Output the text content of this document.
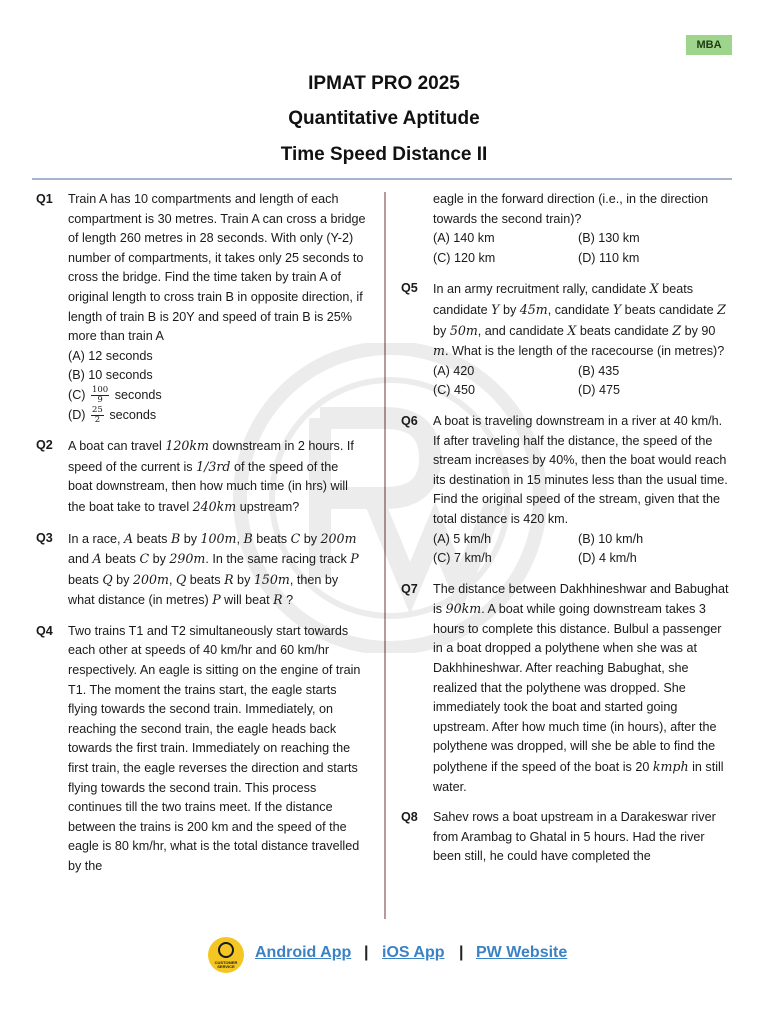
MBA
IPMAT PRO 2025
Quantitative Aptitude
Time Speed Distance II
Q1 Train A has 10 compartments and length of each compartment is 30 metres. Train A can cross a bridge of length 260 metres in 28 seconds. With only (Y-2) number of compartments, it takes only 25 seconds to cross the bridge. Find the time taken by train A of original length to cross train B in opposite direction, if length of train B is 20Y and speed of train B is 25% more than train A
(A) 12 seconds
(B) 10 seconds
$(C) \frac{100}{9}$ seconds
$(D) \frac{25}{2}$ seconds
Q2 A boat can travel 120km downstream in 2 hours. If speed of the current is 1/3rd of the speed of the boat downstream, then how much time (in hrs) will the boat take to travel 240km upstream?
Q3 In a race, A beats B by 100m, B beats C by 200m and A beats C by 290m. In the same racing track P beats Q by 200m, Q beats R by 150m, then by what distance (in metres) P will beat R ?
Q4 Two trains T1 and T2 simultaneously start towards each other at speeds of 40 km/hr and 60 km/hr respectively. An eagle is sitting on the engine of train T1. The moment the trains start, the eagle starts flying towards the second train. Immediately, on reaching the second train, the eagle heads back towards the first train. Immediately on reaching the first train, the eagle reverses the direction and starts flying towards the second train. This process continues till the two trains meet. If the distance between the trains is 200 km and the speed of the eagle is 80 km/hr, what is the total distance travelled by the
eagle in the forward direction (i.e., in the direction towards the second train)?
(A) 140 km	(B) 130 km
(C) 120 km	(D) 110 km
Q5 In an army recruitment rally, candidate X beats candidate Y by 45m, candidate Y beats candidate Z by 50m, and candidate X beats candidate Z by 90 m. What is the length of the racecourse (in metres)?
(A) 420	(B) 435
(C) 450	(D) 475
Q6 A boat is traveling downstream in a river at 40 km/h. If after traveling half the distance, the speed of the stream increases by 40%, then the boat would reach its destination in 15 minutes less than the usual time. Find the original speed of the stream, given that the total distance is 420 km.
(A) 5 km/h	(B) 10 km/h
(C) 7 km/h	(D) 4 km/h
Q7 The distance between Dakhhineshwar and Babughat is 90km. A boat while going downstream takes 3 hours to complete this distance. Bulbul a passenger in a boat dropped a polythene when she was at Dakhhineshwar. After reaching Babughat, she realized that the polythene was dropped. She immediately took the boat and started going upstream. After how much time (in hours), after the polythene was dropped, will she be able to find the polythene if the speed of the boat is 20 kmph in still water.
Q8 Sahev rows a boat upstream in a Darakeswar river from Arambag to Ghatal in 5 hours. Had the river been still, he could have completed the
CUSTOMER SERVICE
Android App | iOS App | PW Website
